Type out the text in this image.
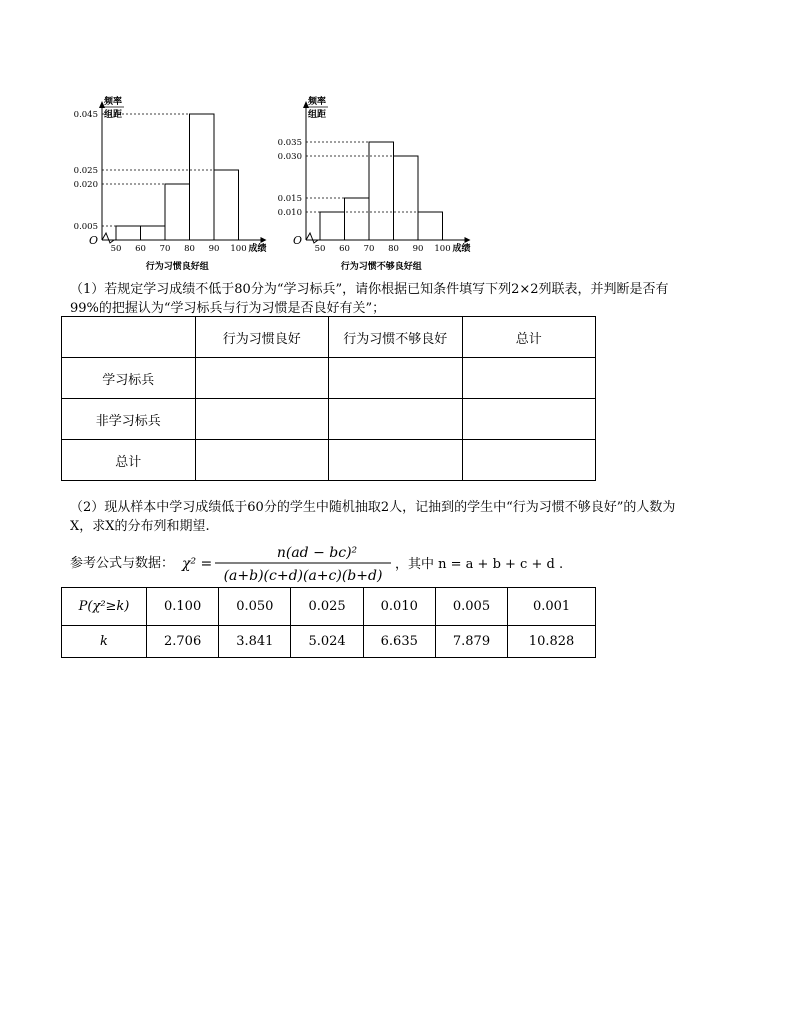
频率
组距
0.045
0.025
0.020
0.005
50 60 70 80 90 100 成绩
O
行为习惯良好组
频率
组距
0.035
0.030
0.015
0.010
50 60 70 80 90 100 成绩
O
行为习惯不够良好组
（1）若规定学习成绩不低于80分为“学习标兵”，请你根据已知条件填写下列2×2列联表，并判断是否有99%的把握认为“学习标兵与行为习惯是否良好有关”；
	行为习惯良好	行为习惯不够良好	总计
学习标兵			
非学习标兵			
总计			
（2）现从样本中学习成绩低于60分的学生中随机抽取2人，记抽到的学生中“行为习惯不够良好”的人数为X，求X的分布列和期望.
参考公式与数据： χ² =
n(ad − bc)²
(a+b)(c+d)(a+c)(b+d)
，其中 n = a + b + c + d .
P(χ²≥k)	0.100	0.050	0.025	0.010	0.005	0.001
k	2.706	3.841	5.024	6.635	7.879	10.828
